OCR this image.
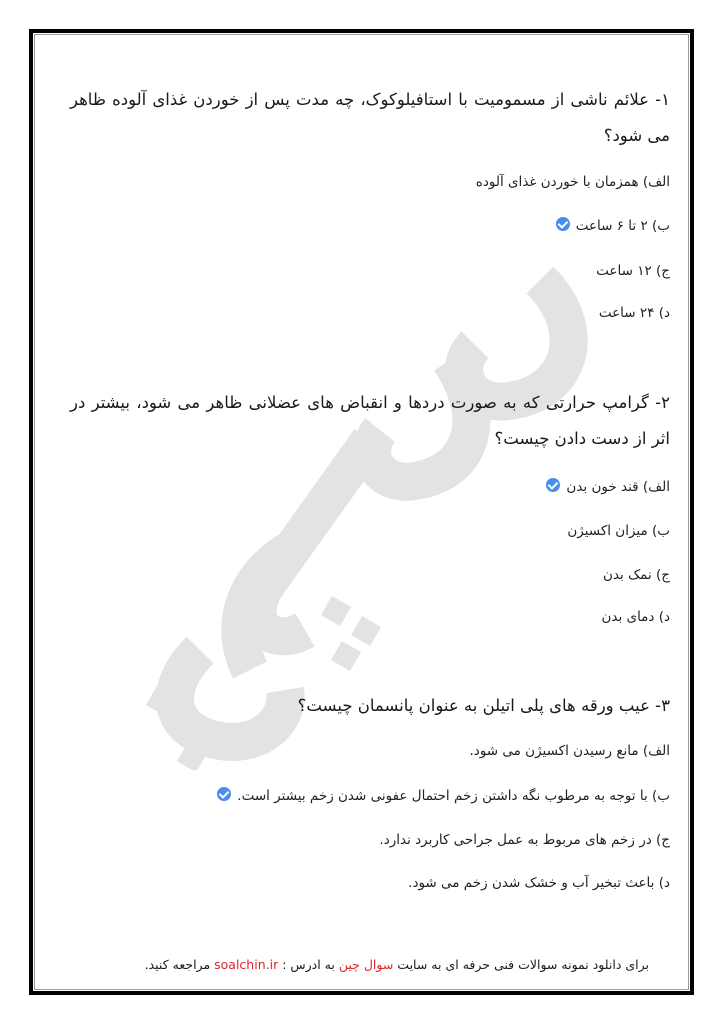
۱- علائم ناشی از مسمومیت با استافیلوکوک، چه مدت پس از خوردن غذای آلوده ظاهر می شود؟
الف) همزمان با خوردن غذای آلوده
ب) ۲ تا ۶ ساعت
ج) ۱۲ ساعت
د) ۲۴ ساعت
۲- گرامپ حرارتی که به صورت دردها و انقباض های عضلانی ظاهر می شود، بیشتر در اثر از دست دادن چیست؟
الف) قند خون بدن
ب) میزان اکسیژن
ج) نمک بدن
د) دمای بدن
۳- عیب ورقه های پلی اتیلن به عنوان پانسمان چیست؟
الف) مانع رسیدن اکسیژن می شود.
ب) با توجه به مرطوب نگه داشتن زخم احتمال عفونی شدن زخم بیشتر است.
ج) در زخم های مربوط به عمل جراحی کاربرد ندارد.
د) باعث تبخیر آب و خشک شدن زخم می شود.
برای دانلود نمونه سوالات فنی حرفه ای به سایت سوال چین به ادرس : soalchin.ir مراجعه کنید.
